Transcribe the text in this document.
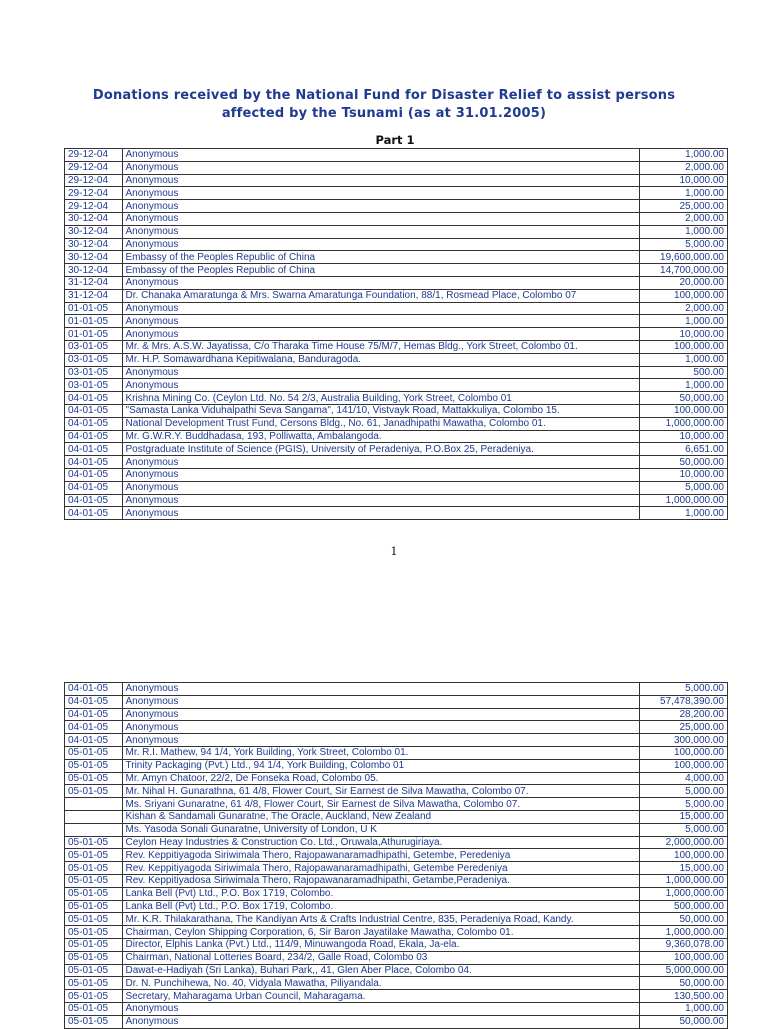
Donations received by the National Fund for Disaster Relief to assist persons
affected by the Tsunami (as at 31.01.2005)
Part 1
29-12-04	Anonymous	1,000.00
29-12-04	Anonymous	2,000.00
29-12-04	Anonymous	10,000.00
29-12-04	Anonymous	1,000.00
29-12-04	Anonymous	25,000.00
30-12-04	Anonymous	2,000.00
30-12-04	Anonymous	1,000.00
30-12-04	Anonymous	5,000.00
30-12-04	Embassy of the Peoples Republic of China	19,600,000.00
30-12-04	Embassy of the Peoples Republic of China	14,700,000.00
31-12-04	Anonymous	20,000.00
31-12-04	Dr. Chanaka Amaratunga & Mrs. Swarna Amaratunga Foundation, 88/1, Rosmead Place, Colombo 07	100,000.00
01-01-05	Anonymous	2,000.00
01-01-05	Anonymous	1,000.00
01-01-05	Anonymous	10,000.00
03-01-05	Mr. & Mrs. A.S.W. Jayatissa, C/o Tharaka Time House 75/M/7, Hemas Bldg., York Street, Colombo 01.	100,000.00
03-01-05	Mr. H.P. Somawardhana Kepitiwalana, Banduragoda.	1,000.00
03-01-05	Anonymous	500.00
03-01-05	Anonymous	1,000.00
04-01-05	Krishna Mining Co. (Ceylon Ltd. No. 54 2/3, Australia Building, York Street, Colombo 01	50,000.00
04-01-05	"Samasta Lanka Viduhalpathi Seva Sangama", 141/10, Vistvayk Road, Mattakkuliya, Colombo 15.	100,000.00
04-01-05	National Development Trust Fund, Cersons Bldg., No. 61, Janadhipathi Mawatha, Colombo 01.	1,000,000.00
04-01-05	Mr. G.W.R.Y. Buddhadasa, 193, Polliwatta, Ambalangoda.	10,000.00
04-01-05	Postgraduate Institute of Science (PGIS), University of Peradeniya, P.O.Box 25, Peradeniya.	6,651.00
04-01-05	Anonymous	50,000.00
04-01-05	Anonymous	10,000.00
04-01-05	Anonymous	5,000.00
04-01-05	Anonymous	1,000,000.00
04-01-05	Anonymous	1,000.00
1
04-01-05	Anonymous	5,000.00
04-01-05	Anonymous	57,478,390.00
04-01-05	Anonymous	28,200.00
04-01-05	Anonymous	25,000.00
04-01-05	Anonymous	300,000.00
05-01-05	Mr. R.I. Mathew, 94 1/4, York Building, York Street, Colombo 01.	100,000.00
05-01-05	Trinity Packaging (Pvt.) Ltd., 94 1/4, York Building, Colombo 01	100,000.00
05-01-05	Mr. Amyn Chatoor, 22/2, De Fonseka Road, Colombo 05.	4,000.00
05-01-05	Mr. Nihal H. Gunarathna, 61 4/8, Flower Court, Sir Earnest de Silva Mawatha, Colombo 07.	5,000.00
	Ms. Sriyani Gunaratne, 61 4/8, Flower Court, Sir Earnest de Silva Mawatha, Colombo 07.	5,000.00
	Kishan & Sandamali Gunaratne, The Oracle, Auckland, New Zealand	15,000.00
	Ms. Yasoda Sonali Gunaratne, University of London, U K	5,000.00
05-01-05	Ceylon Heay Industries & Construction Co. Ltd., Oruwala,Athurugiriaya.	2,000,000.00
05-01-05	Rev. Keppitiyagoda Siriwimala Thero, Rajopawanaramadhipathi, Getembe, Peredeniya	100,000.00
05-01-05	Rev. Keppitiyagoda Siriwimala Thero, Rajopawanaramadhipathi, Getembe Peredeniya	15,000.00
05-01-05	Rev. Keppitiyadosa Siriwimala Thero, Rajopawanaramadhipathi, Getambe,Peradeniya.	1,000,000.00
05-01-05	Lanka Bell (Pvt) Ltd., P.O. Box 1719, Colombo.	1,000,000.00
05-01-05	Lanka Bell (Pvt) Ltd., P.O. Box 1719, Colombo.	500,000.00
05-01-05	Mr. K.R. Thilakarathana, The Kandiyan Arts & Crafts Industrial Centre, 835, Peradeniya Road, Kandy.	50,000.00
05-01-05	Chairman, Ceylon Shipping Corporation, 6, Sir Baron Jayatilake Mawatha, Colombo 01.	1,000,000.00
05-01-05	Director, Elphis Lanka (Pvt.) Ltd., 114/9, Minuwangoda Road, Ekala, Ja-ela.	9,360,078.00
05-01-05	Chairman, National Lotteries Board, 234/2, Galle Road, Colombo 03	100,000.00
05-01-05	Dawat-e-Hadiyah (Sri Lanka), Buhari Park,, 41, Glen Aber Place, Colombo 04.	5,000,000.00
05-01-05	Dr. N. Punchihewa, No. 40, Vidyala Mawatha, Piliyandala.	50,000.00
05-01-05	Secretary, Maharagama Urban Council, Maharagama.	130,500.00
05-01-05	Anonymous	1,000.00
05-01-05	Anonymous	50,000.00
